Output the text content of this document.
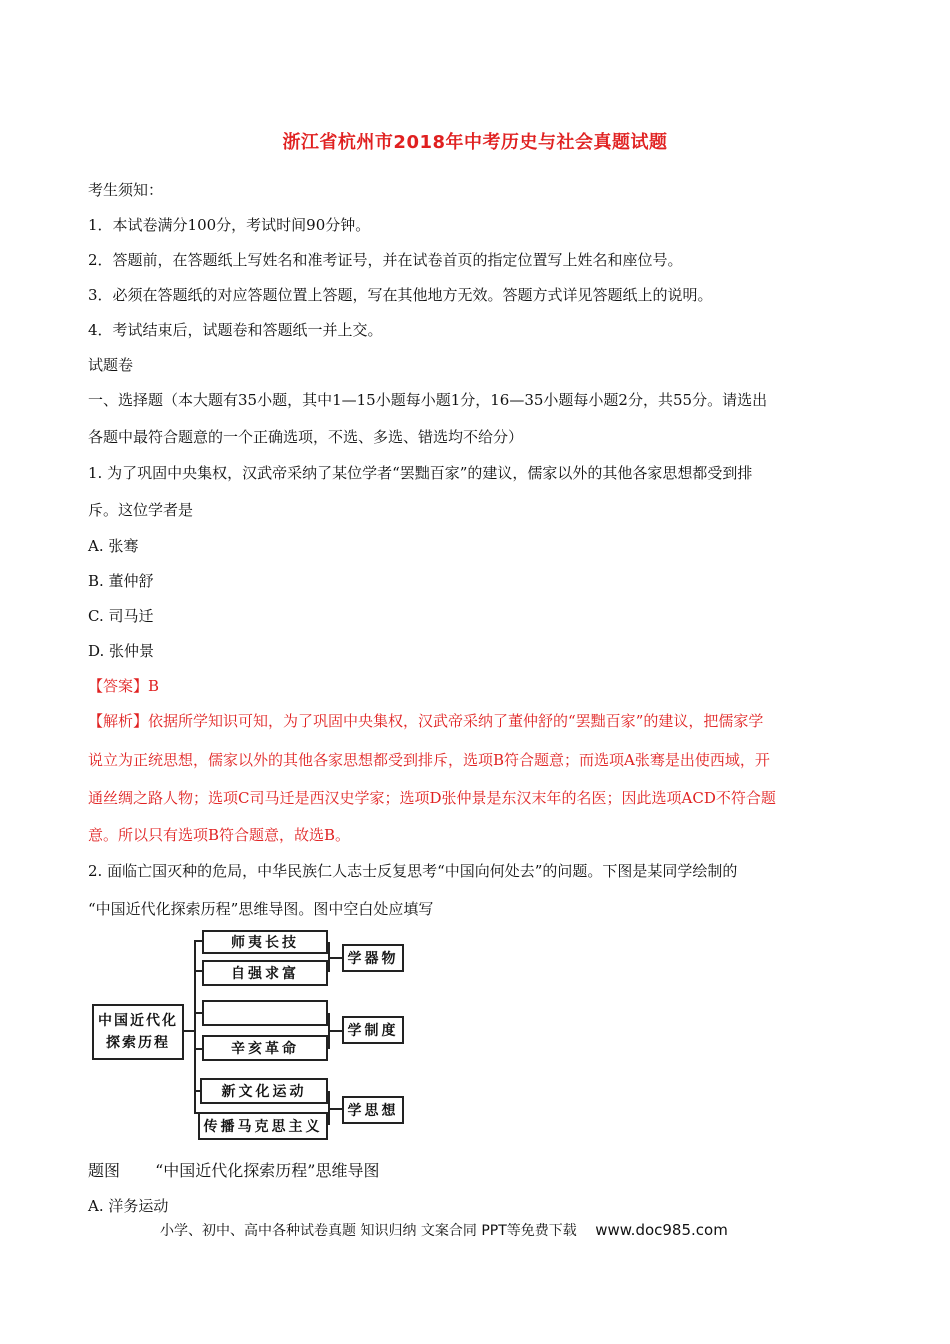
浙江省杭州市2018年中考历史与社会真题试题
考生须知：
1．本试卷满分100分，考试时间90分钟。
2．答题前，在答题纸上写姓名和准考证号，并在试卷首页的指定位置写上姓名和座位号。
3．必须在答题纸的对应答题位置上答题，写在其他地方无效。答题方式详见答题纸上的说明。
4．考试结束后，试题卷和答题纸一并上交。
试题卷
一、选择题（本大题有35小题，其中1—15小题每小题1分，16—35小题每小题2分，共55分。请选出
各题中最符合题意的一个正确选项，不选、多选、错选均不给分）
1. 为了巩固中央集权，汉武帝采纳了某位学者“罢黜百家”的建议，儒家以外的其他各家思想都受到排
斥。这位学者是
A. 张骞
B. 董仲舒
C. 司马迁
D. 张仲景
【答案】B
【解析】依据所学知识可知，为了巩固中央集权，汉武帝采纳了董仲舒的“罢黜百家”的建议，把儒家学
说立为正统思想，儒家以外的其他各家思想都受到排斥，选项B符合题意；而选项A张骞是出使西域，开
通丝绸之路人物；选项C司马迁是西汉史学家；选项D张仲景是东汉末年的名医；因此选项ACD不符合题
意。所以只有选项B符合题意，故选B。
2. 面临亡国灭种的危局，中华民族仁人志士反复思考“中国向何处去”的问题。下图是某同学绘制的
“中国近代化探索历程”思维导图。图中空白处应填写
中国近代化
探索历程
师夷长技
自强求富
辛亥革命
新文化运动
传播马克思主义
学器物
学制度
学思想
题图 “中国近代化探索历程”思维导图
A. 洋务运动
小学、初中、高中各种试卷真题 知识归纳 文案合同 PPT等免费下载 www.doc985.com
